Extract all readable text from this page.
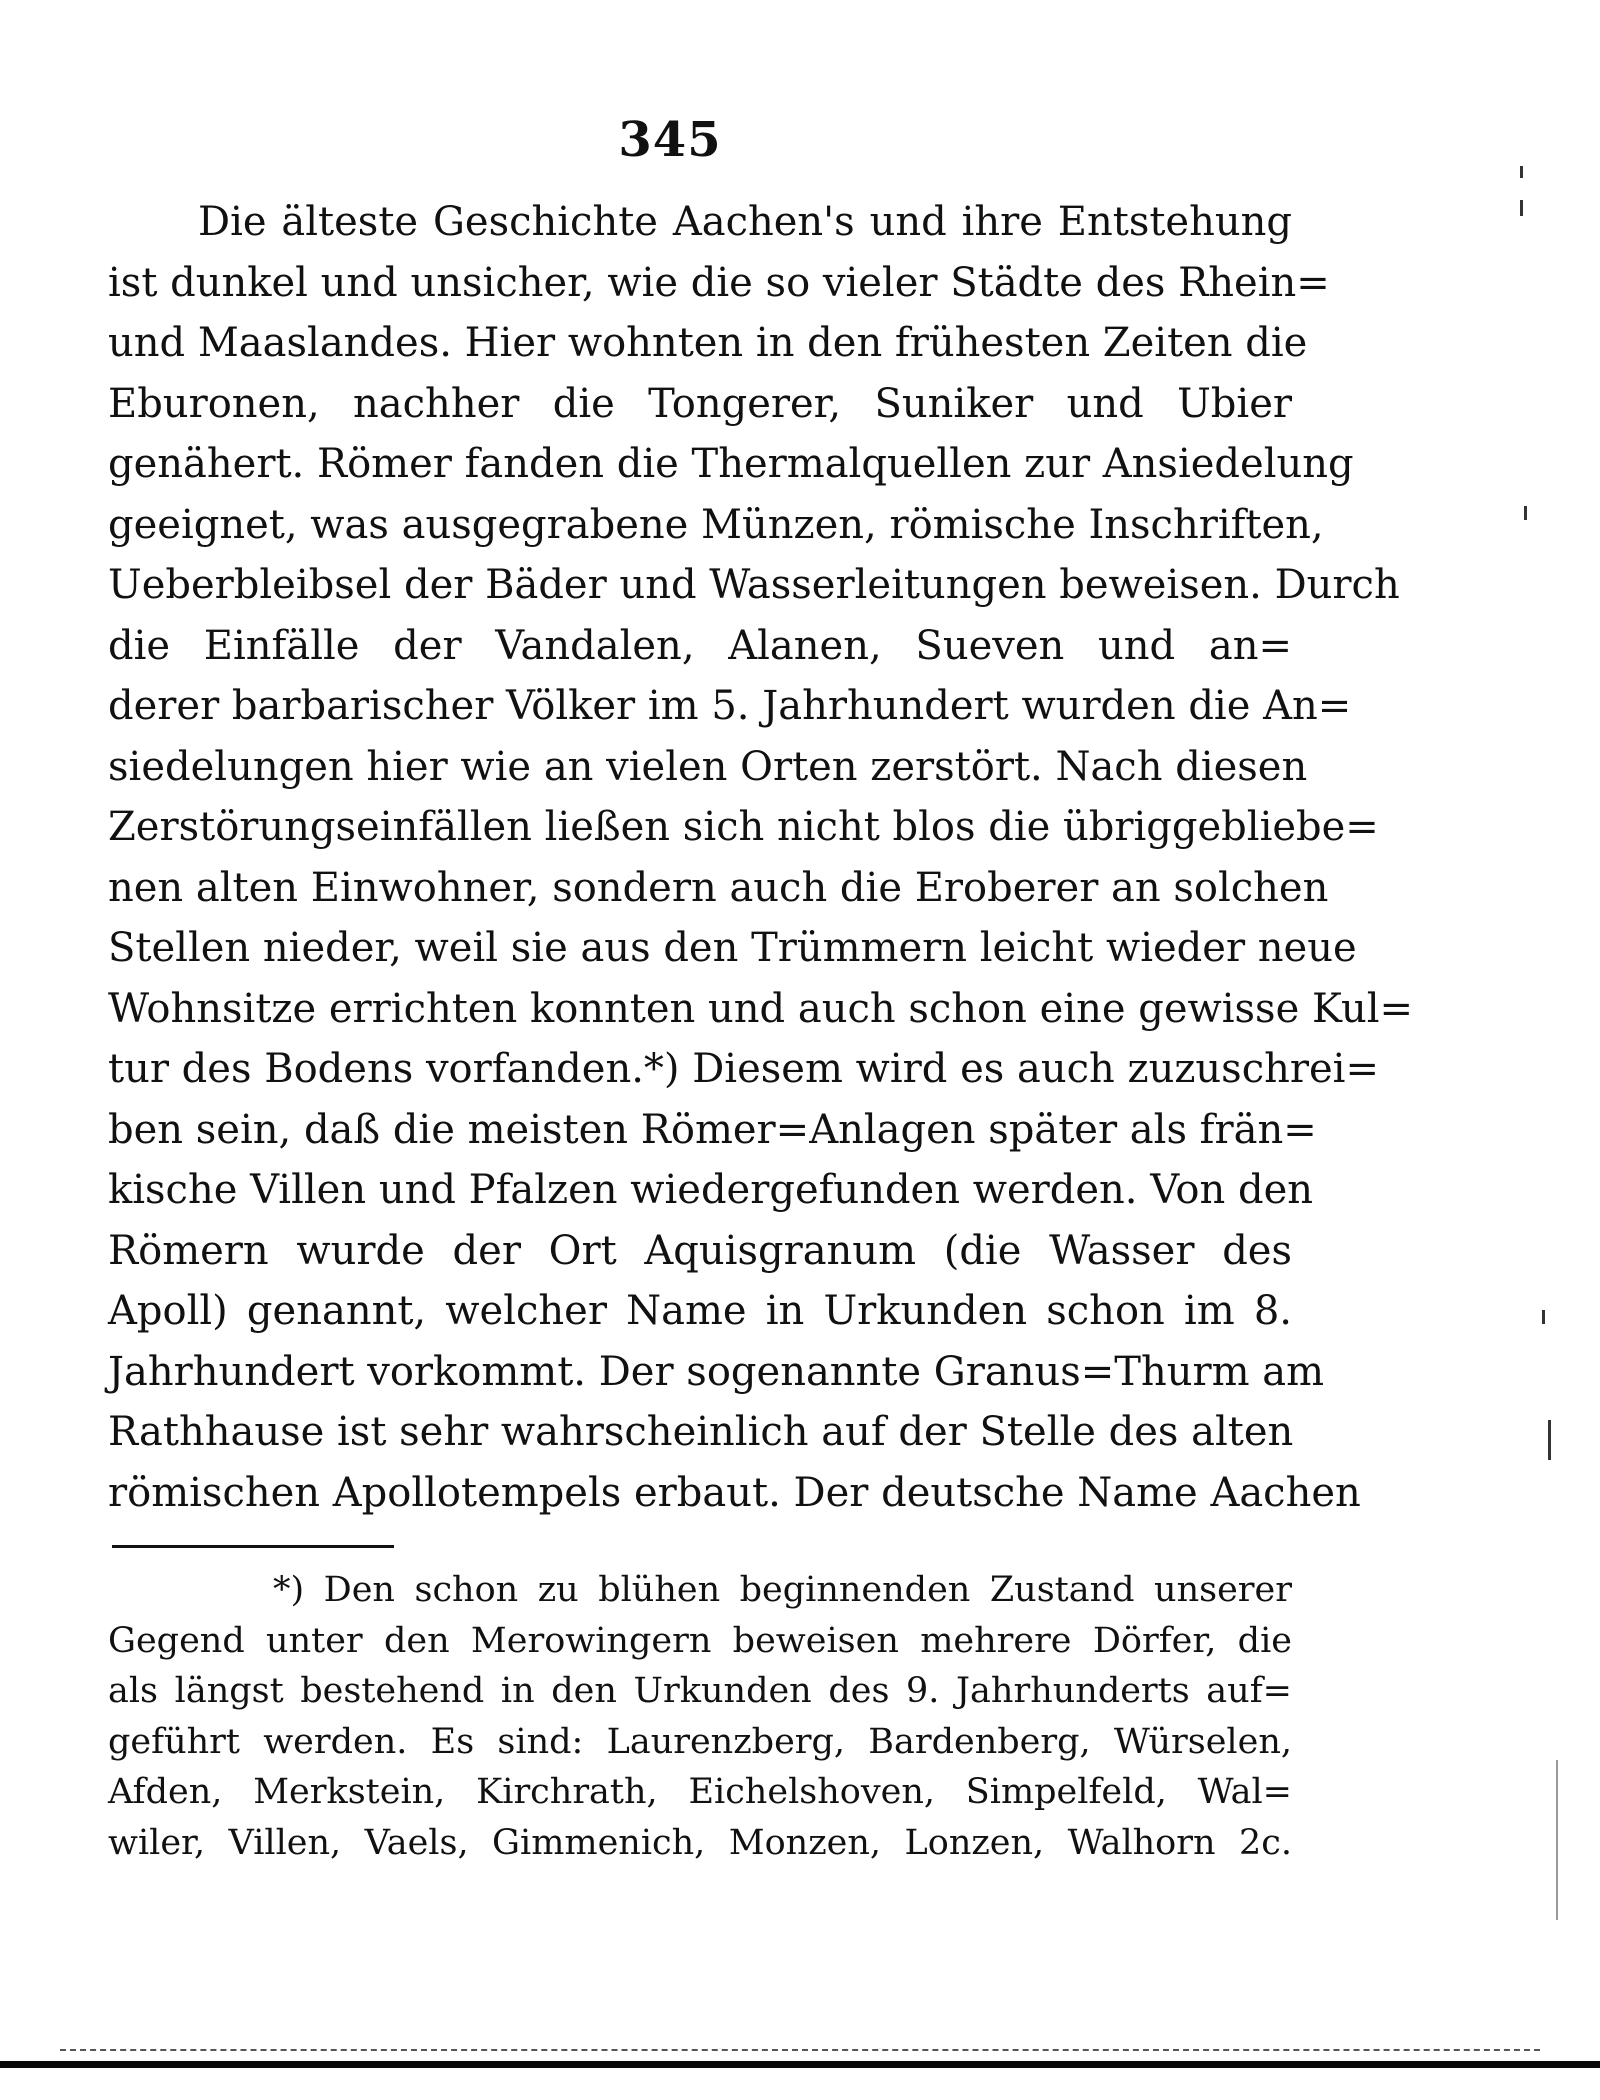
345
Die älteste Geschichte Aachen's und ihre Entstehung
ist dunkel und unsicher, wie die so vieler Städte des Rhein=
und Maaslandes. Hier wohnten in den frühesten Zeiten die
Eburonen, nachher die Tongerer, Suniker und Ubier
genähert. Römer fanden die Thermalquellen zur Ansiedelung
geeignet, was ausgegrabene Münzen, römische Inschriften,
Ueberbleibsel der Bäder und Wasserleitungen beweisen. Durch
die Einfälle der Vandalen, Alanen, Sueven und an=
derer barbarischer Völker im 5. Jahrhundert wurden die An=
siedelungen hier wie an vielen Orten zerstört. Nach diesen
Zerstörungseinfällen ließen sich nicht blos die übriggebliebe=
nen alten Einwohner, sondern auch die Eroberer an solchen
Stellen nieder, weil sie aus den Trümmern leicht wieder neue
Wohnsitze errichten konnten und auch schon eine gewisse Kul=
tur des Bodens vorfanden.*) Diesem wird es auch zuzuschrei=
ben sein, daß die meisten Römer=Anlagen später als frän=
kische Villen und Pfalzen wiedergefunden werden. Von den
Römern wurde der Ort Aquisgranum (die Wasser des
Apoll) genannt, welcher Name in Urkunden schon im 8.
Jahrhundert vorkommt. Der sogenannte Granus=Thurm am
Rathhause ist sehr wahrscheinlich auf der Stelle des alten
römischen Apollotempels erbaut. Der deutsche Name Aachen
*) Den schon zu blühen beginnenden Zustand unserer
Gegend unter den Merowingern beweisen mehrere Dörfer, die
als längst bestehend in den Urkunden des 9. Jahrhunderts auf=
geführt werden. Es sind: Laurenzberg, Bardenberg, Würselen,
Afden, Merkstein, Kirchrath, Eichelshoven, Simpelfeld, Wal=
wiler, Villen, Vaels, Gimmenich, Monzen, Lonzen, Walhorn 2c.
